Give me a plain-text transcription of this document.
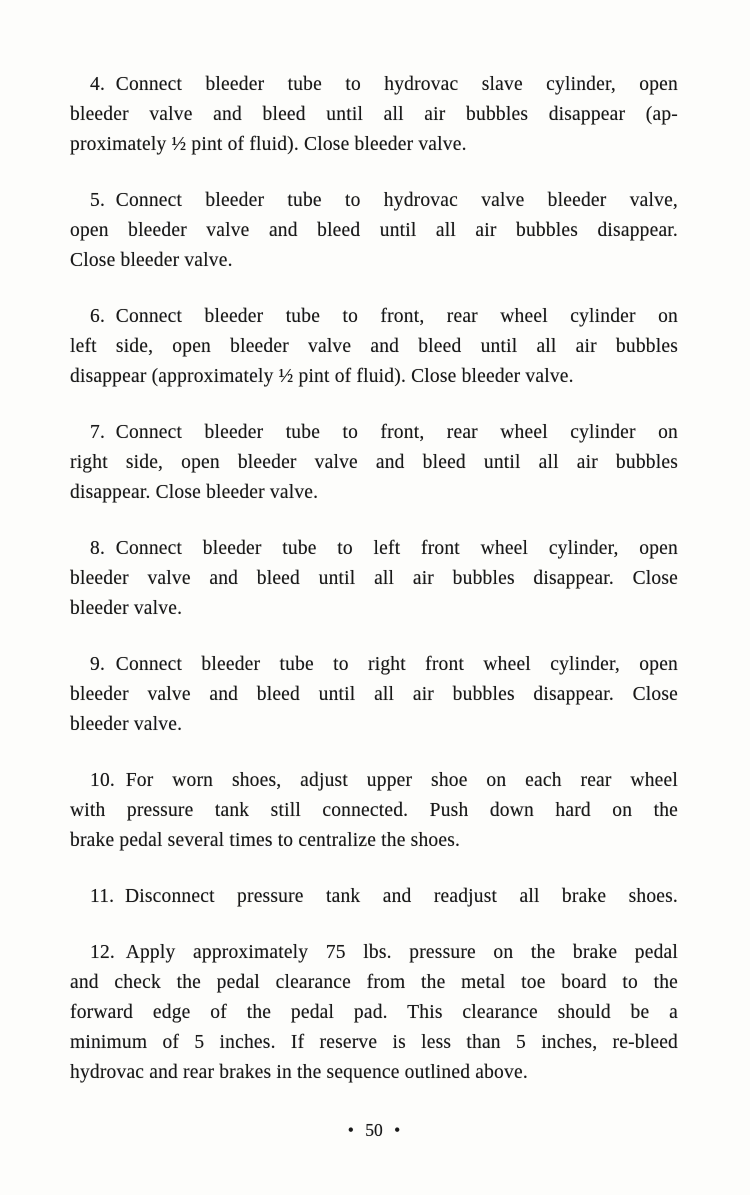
4. Connect bleeder tube to hydrovac slave cylinder, open
bleeder valve and bleed until all air bubbles disappear (ap-
proximately ½ pint of fluid). Close bleeder valve.
5. Connect bleeder tube to hydrovac valve bleeder valve,
open bleeder valve and bleed until all air bubbles disappear.
Close bleeder valve.
6. Connect bleeder tube to front, rear wheel cylinder on
left side, open bleeder valve and bleed until all air bubbles
disappear (approximately ½ pint of fluid). Close bleeder valve.
7. Connect bleeder tube to front, rear wheel cylinder on
right side, open bleeder valve and bleed until all air bubbles
disappear. Close bleeder valve.
8. Connect bleeder tube to left front wheel cylinder, open
bleeder valve and bleed until all air bubbles disappear. Close
bleeder valve.
9. Connect bleeder tube to right front wheel cylinder, open
bleeder valve and bleed until all air bubbles disappear. Close
bleeder valve.
10. For worn shoes, adjust upper shoe on each rear wheel
with pressure tank still connected. Push down hard on the
brake pedal several times to centralize the shoes.
11. Disconnect pressure tank and readjust all brake shoes.
12. Apply approximately 75 lbs. pressure on the brake pedal
and check the pedal clearance from the metal toe board to the
forward edge of the pedal pad. This clearance should be a
minimum of 5 inches. If reserve is less than 5 inches, re-bleed
hydrovac and rear brakes in the sequence outlined above.
• 50 •
